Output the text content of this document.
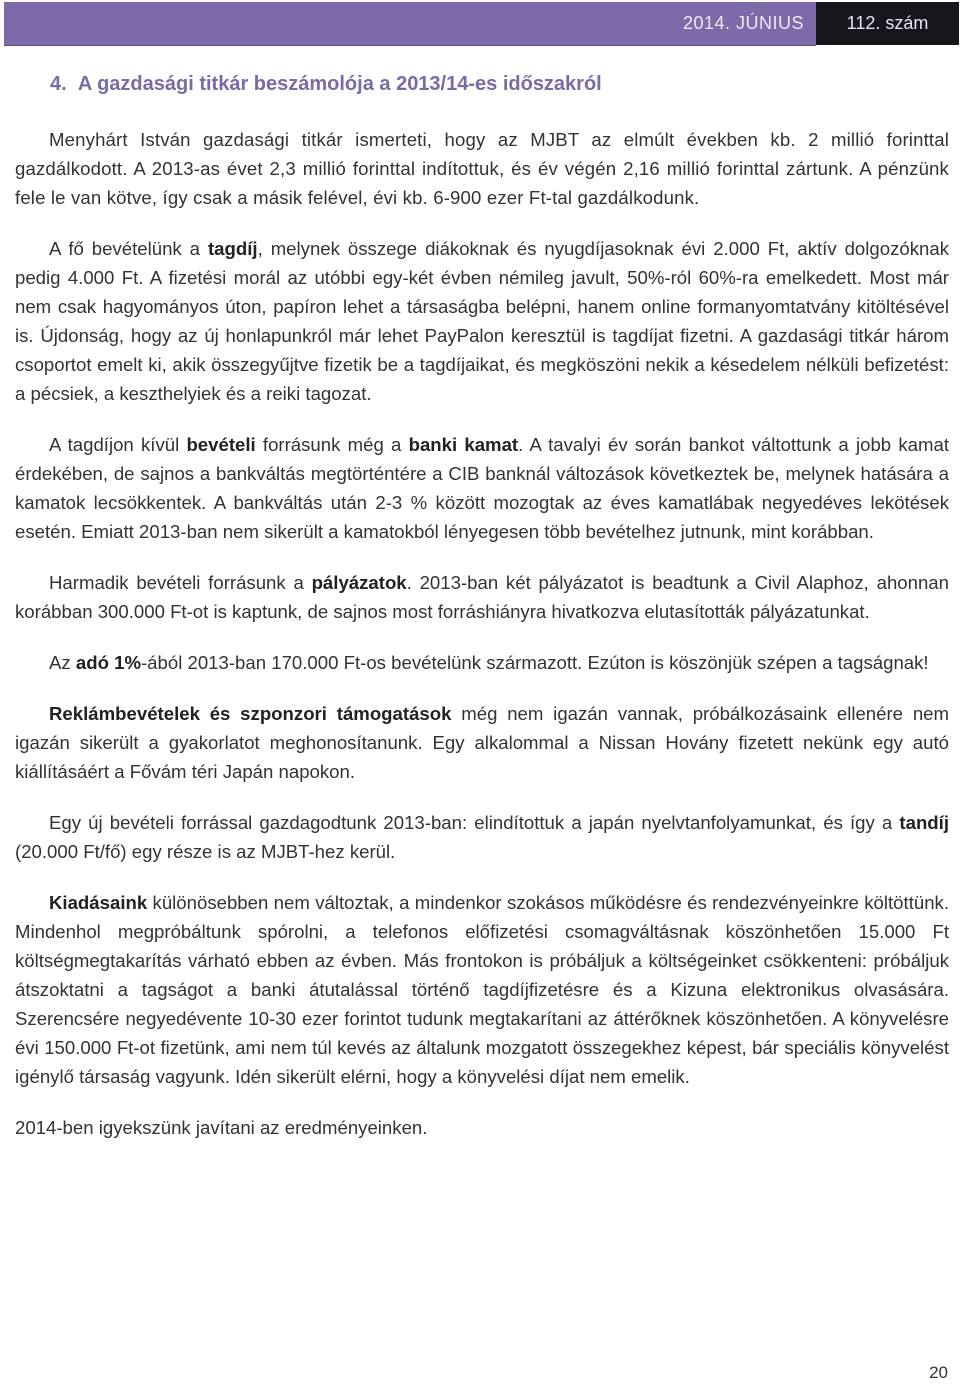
2014. JÚNIUS	112. szám
4. A gazdasági titkár beszámolója a 2013/14-es időszakról

Menyhárt István gazdasági titkár ismerteti, hogy az MJBT az elmúlt években kb. 2 millió forinttal gazdálkodott. A 2013-as évet 2,3 millió forinttal indítottuk, és év végén 2,16 millió forinttal zártunk. A pénzünk fele le van kötve, így csak a másik felével, évi kb. 6-900 ezer Ft-tal gazdálkodunk.

A fő bevételünk a tagdíj, melynek összege diákoknak és nyugdíjasoknak évi 2.000 Ft, aktív dolgozóknak pedig 4.000 Ft. A fizetési morál az utóbbi egy-két évben némileg javult, 50%-ról 60%-ra emelkedett. Most már nem csak hagyományos úton, papíron lehet a társaságba belépni, hanem online formanyomtatvány kitöltésével is. Újdonság, hogy az új honlapunkról már lehet PayPalon keresztül is tagdíjat fizetni. A gazdasági titkár három csoportot emelt ki, akik összegyűjtve fizetik be a tagdíjaikat, és megköszöni nekik a késedelem nélküli befizetést: a pécsiek, a keszthelyiek és a reiki tagozat.

A tagdíjon kívül bevételi forrásunk még a banki kamat. A tavalyi év során bankot váltottunk a jobb kamat érdekében, de sajnos a bankváltás megtörténtére a CIB banknál változások következtek be, melynek hatására a kamatok lecsökkentek. A bankváltás után 2-3 % között mozogtak az éves kamatlábak negyedéves lekötések esetén. Emiatt 2013-ban nem sikerült a kamatokból lényegesen több bevételhez jutnunk, mint korábban.

Harmadik bevételi forrásunk a pályázatok. 2013-ban két pályázatot is beadtunk a Civil Alaphoz, ahonnan korábban 300.000 Ft-ot is kaptunk, de sajnos most forráshiányra hivatkozva elutasították pályázatunkat.

Az adó 1%-ából 2013-ban 170.000 Ft-os bevételünk származott. Ezúton is köszönjük szépen a tagságnak!

Reklámbevételek és szponzori támogatások még nem igazán vannak, próbálkozásaink ellenére nem igazán sikerült a gyakorlatot meghonosítanunk. Egy alkalommal a Nissan Hovány fizetett nekünk egy autó kiállításáért a Fővám téri Japán napokon.

Egy új bevételi forrással gazdagodtunk 2013-ban: elindítottuk a japán nyelvtanfolyamunkat, és így a tandíj (20.000 Ft/fő) egy része is az MJBT-hez kerül.

Kiadásaink különösebben nem változtak, a mindenkor szokásos működésre és rendezvényeinkre költöttünk. Mindenhol megpróbáltunk spórolni, a telefonos előfizetési csomagváltásnak köszönhetően 15.000 Ft költségmegtakarítás várható ebben az évben. Más frontokon is próbáljuk a költségeinket csökkenteni: próbáljuk átszoktatni a tagságot a banki átutalással történő tagdíjfizetésre és a Kizuna elektronikus olvasására. Szerencsére negyedévente 10-30 ezer forintot tudunk megtakarítani az áttérőknek köszönhetően. A könyvelésre évi 150.000 Ft-ot fizetünk, ami nem túl kevés az általunk mozgatott összegekhez képest, bár speciális könyvelést igénylő társaság vagyunk. Idén sikerült elérni, hogy a könyvelési díjat nem emelik.

2014-ben igyekszünk javítani az eredményeinken.

20
